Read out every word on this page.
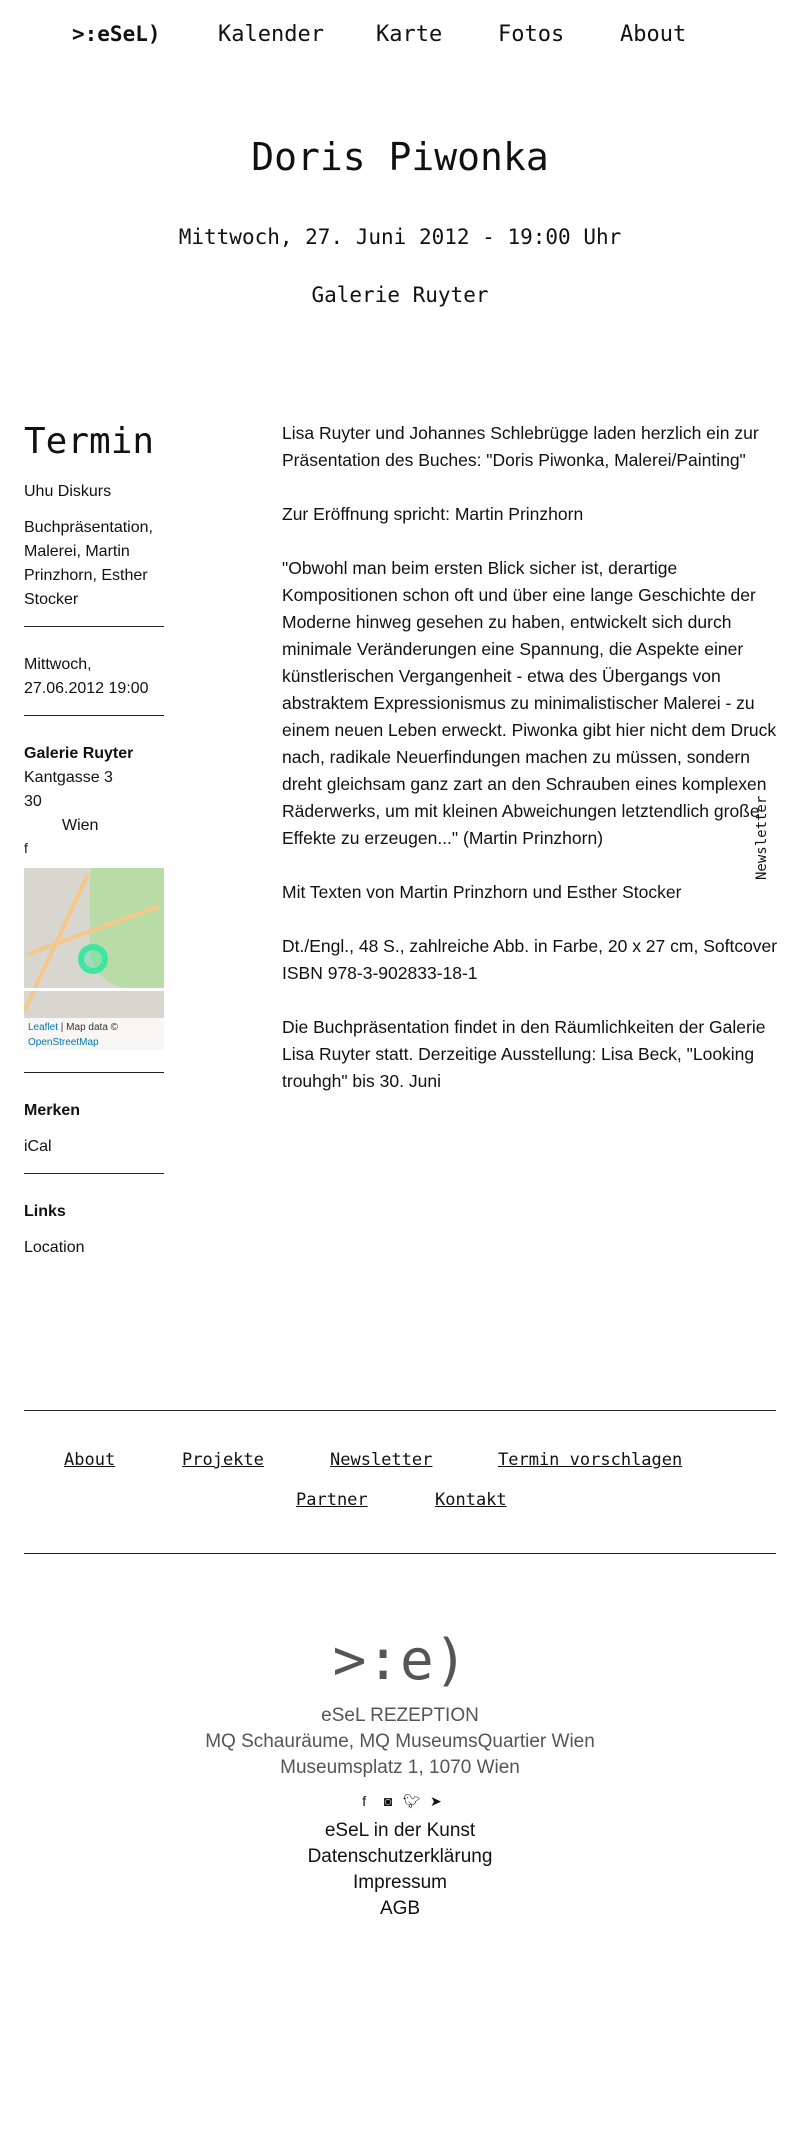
>:eSeL)	Kalender Karte	Fotos	About
Doris Piwonka
Mittwoch, 27. Juni 2012 - 19:00 Uhr
Galerie Ruyter
Termin

Uhu Diskurs

Buchpräsentation, Malerei, Martin Prinzhorn, Esther Stocker

Mittwoch, 27.06.2012 19:00

Galerie Ruyter
Kantgasse 3
30
Wien
f
Leaflet | Map data ©
OpenStreetMap

Merken

iCal

Links

Location

Lisa Ruyter und Johannes Schlebrügge laden herzlich ein zur Präsentation des Buches: "Doris Piwonka, Malerei/Painting"

Zur Eröffnung spricht: Martin Prinzhorn

"Obwohl man beim ersten Blick sicher ist, derartige Kompositionen schon oft und über eine lange Geschichte der Moderne hinweg gesehen zu haben, entwickelt sich durch minimale Veränderungen eine Spannung, die Aspekte einer künstlerischen Vergangenheit - etwa des Übergangs von abstraktem Expressionismus zu minimalistischer Malerei - zu einem neuen Leben erweckt. Piwonka gibt hier nicht dem Druck nach, radikale Neuerfindungen machen zu müssen, sondern dreht gleichsam ganz zart an den Schrauben eines komplexen Räderwerks, um mit kleinen Abweichungen letztendlich große Effekte zu erzeugen..." (Martin Prinzhorn)

Mit Texten von Martin Prinzhorn und Esther Stocker

Dt./Engl., 48 S., zahlreiche Abb. in Farbe, 20 x 27 cm, Softcover
ISBN 978-3-902833-18-1

Die Buchpräsentation findet in den Räumlichkeiten der Galerie Lisa Ruyter statt. Derzeitige Ausstellung: Lisa Beck, "Looking trouhgh" bis 30. Juni

Newsletter
About	Projekte	Newsletter	Termin vorschlagen
Partner	Kontakt
>:e)
eSeL REZEPTION
MQ Schauräume, MQ MuseumsQuartier Wien
Museumsplatz 1, 1070 Wien
f ◙ 🐦︎ ➤
eSeL in der Kunst
Datenschutzerklärung
Impressum
AGB
